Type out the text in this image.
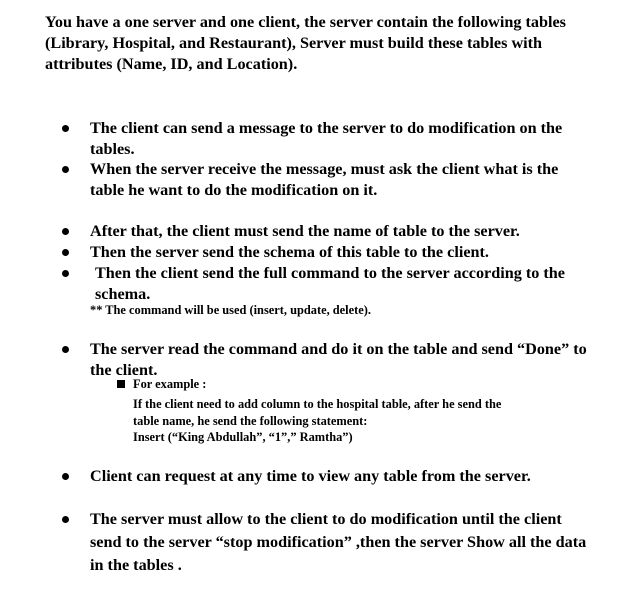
You have a one server and one client, the server contain the following tables (Library, Hospital, and Restaurant), Server must build these tables with attributes (Name, ID, and Location).

The client can send a message to the server to do modification on the tables.
When the server receive the message, must ask the client what is the table he want to do the modification on it.
After that, the client must send the name of table to the server.
Then the server send the schema of this table to the client.
Then the client send the full command to the server according to the schema.

** The command will be used (insert, update, delete).

The server read the command and do it on the table and send “Done” to the client.

For example :

If the client need to add column to the hospital table, after he send the
table name, he send the following statement:
Insert (“King Abdullah”, “1”,” Ramtha”)
Client can request at any time to view any table from the server.
The server must allow to the client to do modification until the client send to the server “stop modification” ,then the server Show all the data in the tables .
